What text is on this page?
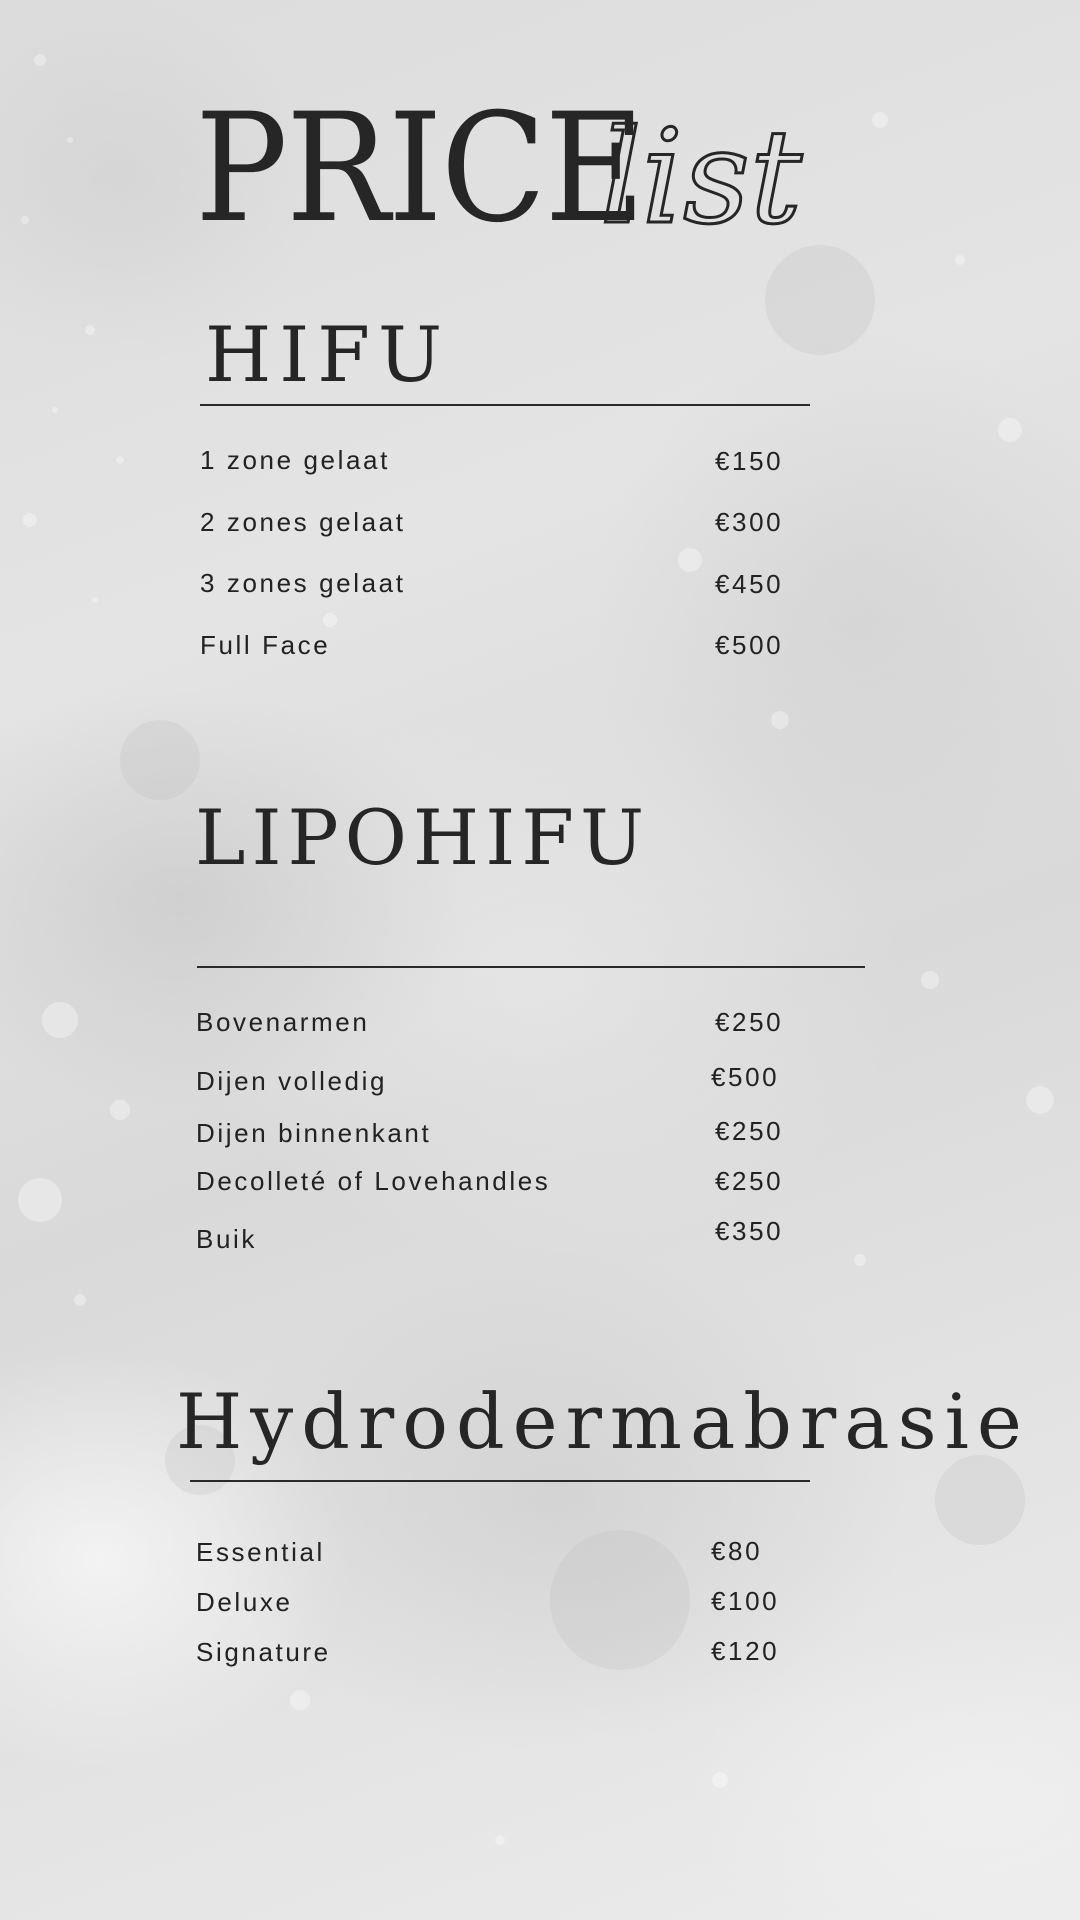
PRICE
list
HIFU
1 zone gelaat	€150
2 zones gelaat	€300
3 zones gelaat	€450
Full Face	€500
LIPOHIFU
Bovenarmen	€250
Dijen volledig	€500
Dijen binnenkant	€250
Decolleté of Lovehandles	€250
Buik	€350
Hydrodermabrasie
Essential	€80
Deluxe	€100
Signature	€120
